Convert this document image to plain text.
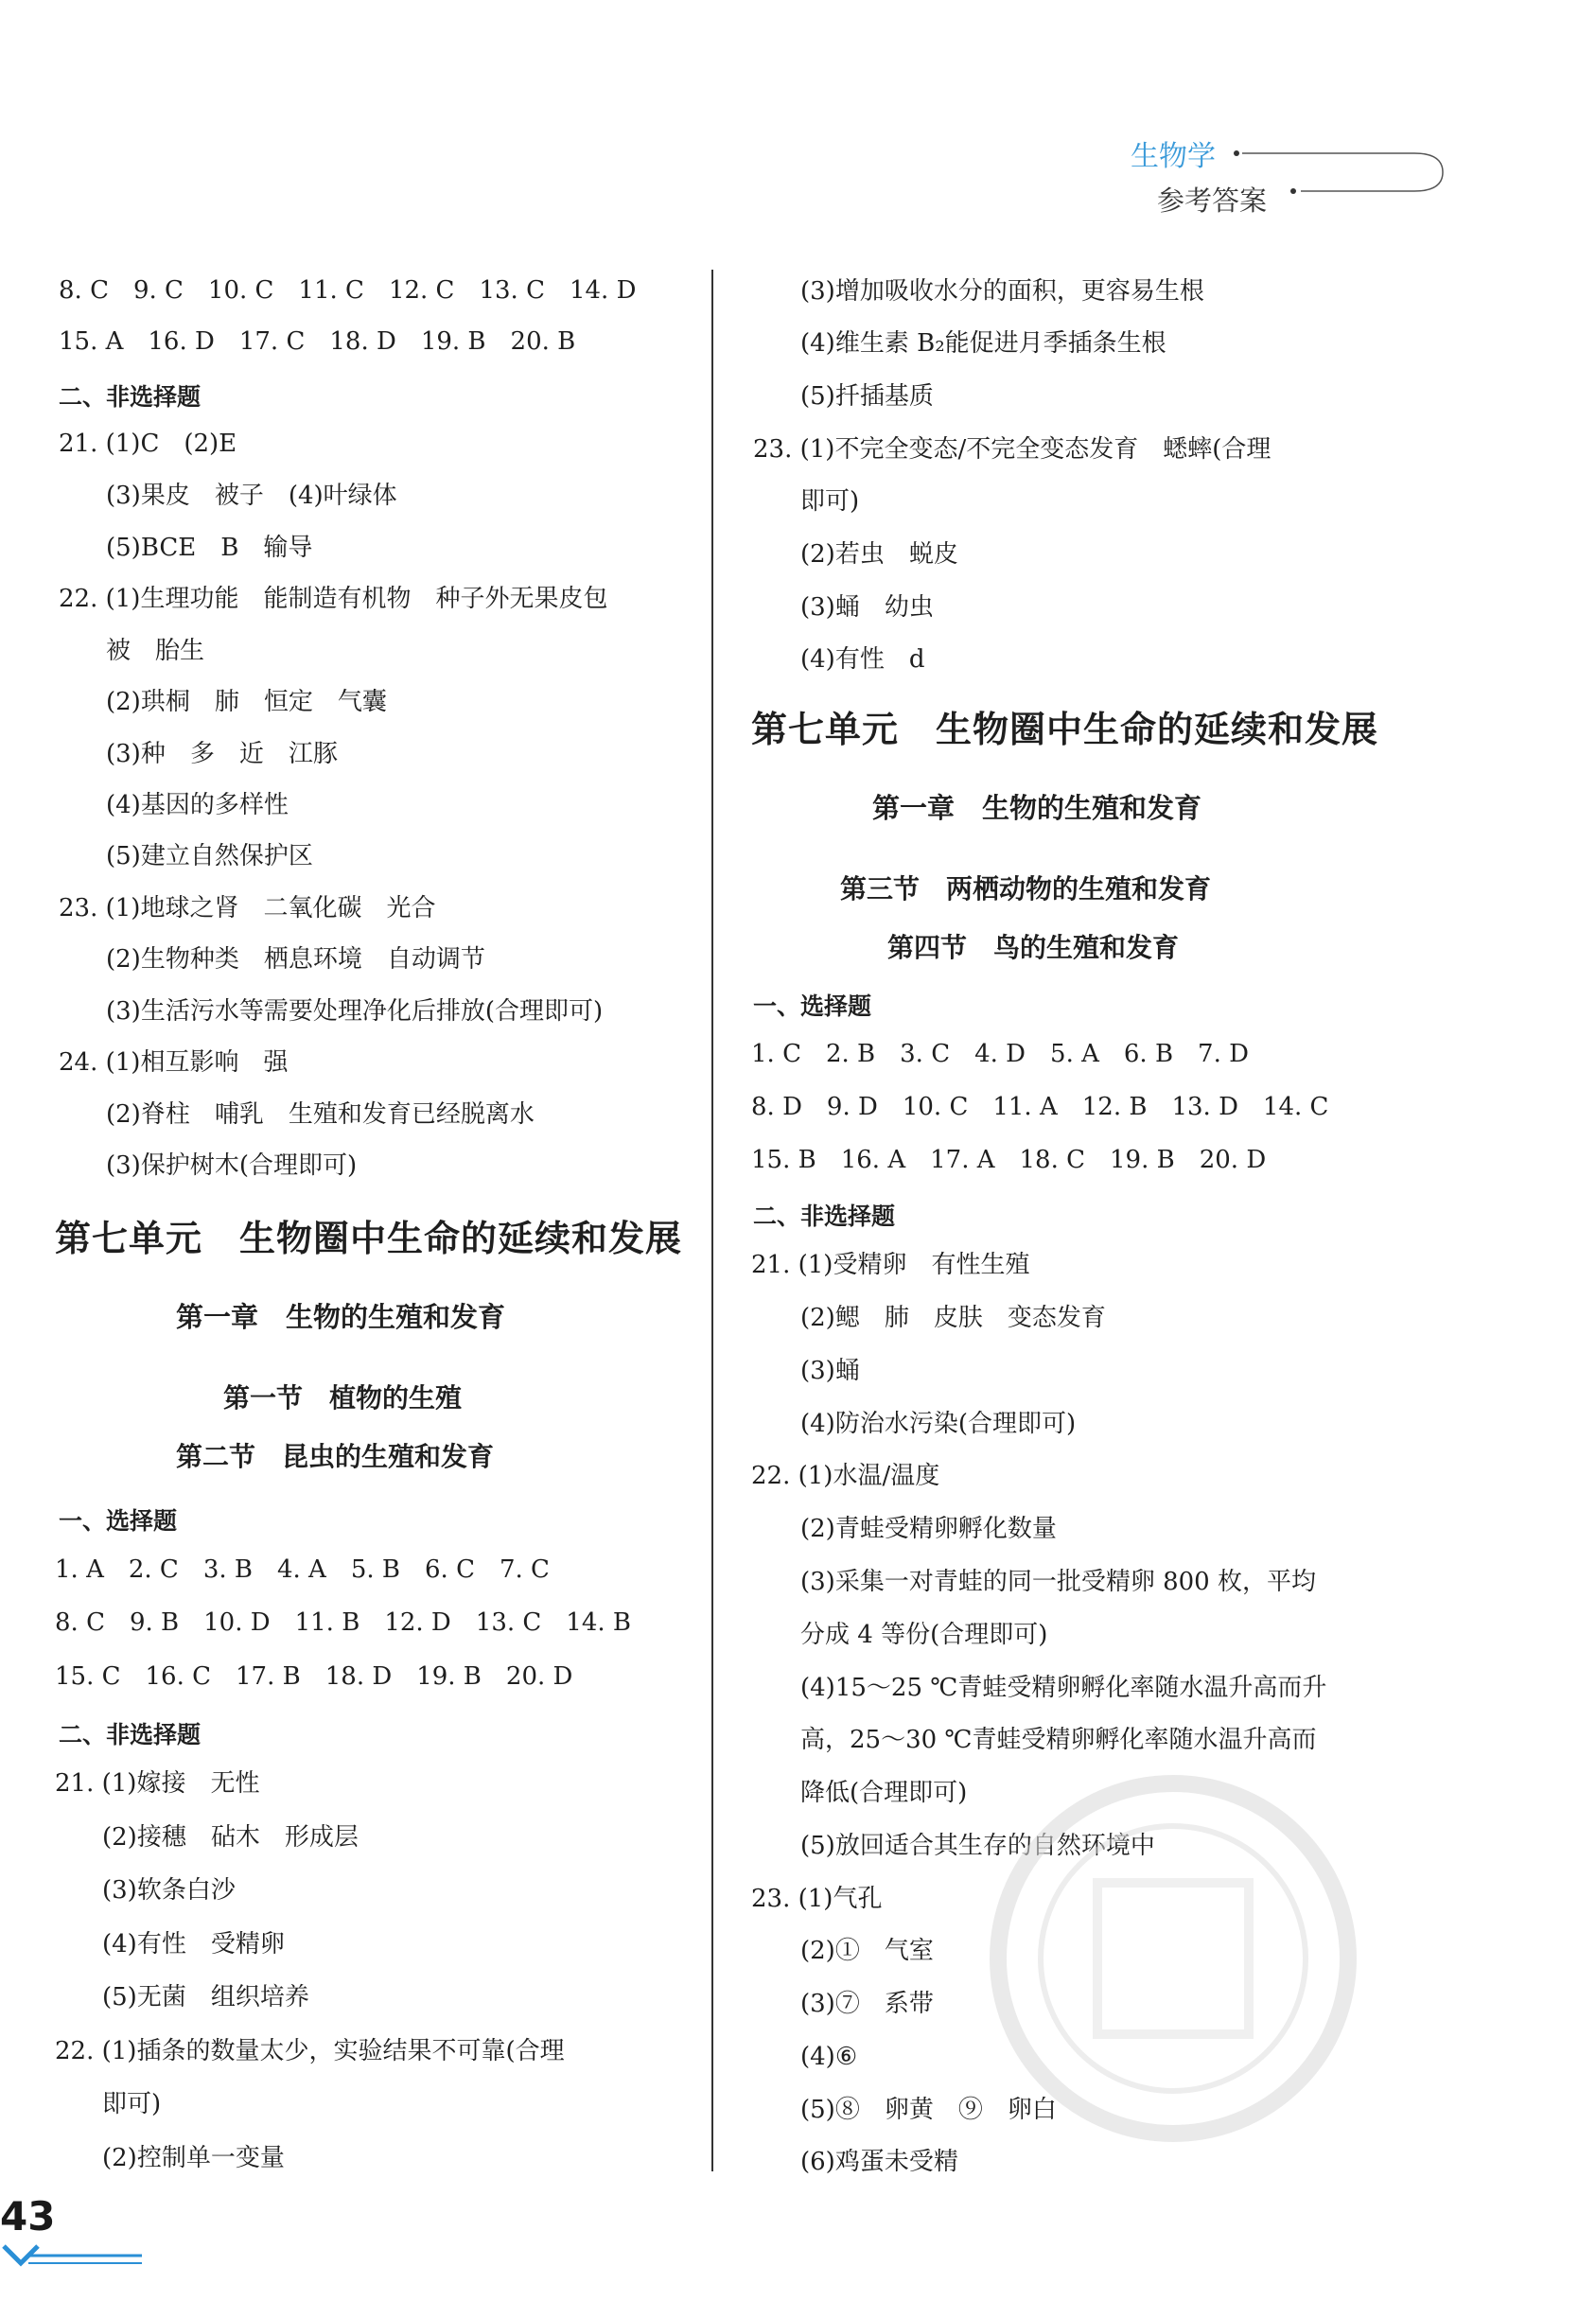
生物学
参考答案
8. C　9. C　10. C　11. C　12. C　13. C　14. D
15. A　16. D　17. C　18. D　19. B　20. B
二、非选择题
21. (1)C　(2)E
(3)果皮　被子　(4)叶绿体
(5)BCE　B　输导
22. (1)生理功能　能制造有机物　种子外无果皮包
被　胎生
(2)珙桐　肺　恒定　气囊
(3)种　多　近　江豚
(4)基因的多样性
(5)建立自然保护区
23. (1)地球之肾　二氧化碳　光合
(2)生物种类　栖息环境　自动调节
(3)生活污水等需要处理净化后排放(合理即可)
24. (1)相互影响　强
(2)脊柱　哺乳　生殖和发育已经脱离水
(3)保护树木(合理即可)
第七单元　生物圈中生命的延续和发展
第一章　生物的生殖和发育
第一节　植物的生殖
第二节　昆虫的生殖和发育
一、选择题
1. A　2. C　3. B　4. A　5. B　6. C　7. C
8. C　9. B　10. D　11. B　12. D　13. C　14. B
15. C　16. C　17. B　18. D　19. B　20. D
二、非选择题
21. (1)嫁接　无性
(2)接穗　砧木　形成层
(3)软条白沙
(4)有性　受精卵
(5)无菌　组织培养
22. (1)插条的数量太少，实验结果不可靠(合理
即可)
(2)控制单一变量
(3)增加吸收水分的面积，更容易生根
(4)维生素 B₂能促进月季插条生根
(5)扦插基质
23. (1)不完全变态/不完全变态发育　蟋蟀(合理
即可)
(2)若虫　蜕皮
(3)蛹　幼虫
(4)有性　d
第七单元　生物圈中生命的延续和发展
第一章　生物的生殖和发育
第三节　两栖动物的生殖和发育
第四节　鸟的生殖和发育
一、选择题
1. C　2. B　3. C　4. D　5. A　6. B　7. D
8. D　9. D　10. C　11. A　12. B　13. D　14. C
15. B　16. A　17. A　18. C　19. B　20. D
二、非选择题
21. (1)受精卵　有性生殖
(2)鳃　肺　皮肤　变态发育
(3)蛹
(4)防治水污染(合理即可)
22. (1)水温/温度
(2)青蛙受精卵孵化数量
(3)采集一对青蛙的同一批受精卵 800 枚，平均
分成 4 等份(合理即可)
(4)15～25 ℃青蛙受精卵孵化率随水温升高而升
高，25～30 ℃青蛙受精卵孵化率随水温升高而
降低(合理即可)
(5)放回适合其生存的自然环境中
23. (1)气孔
(2)①　气室
(3)⑦　系带
(4)⑥
(5)⑧　卵黄　⑨　卵白
(6)鸡蛋未受精
43
